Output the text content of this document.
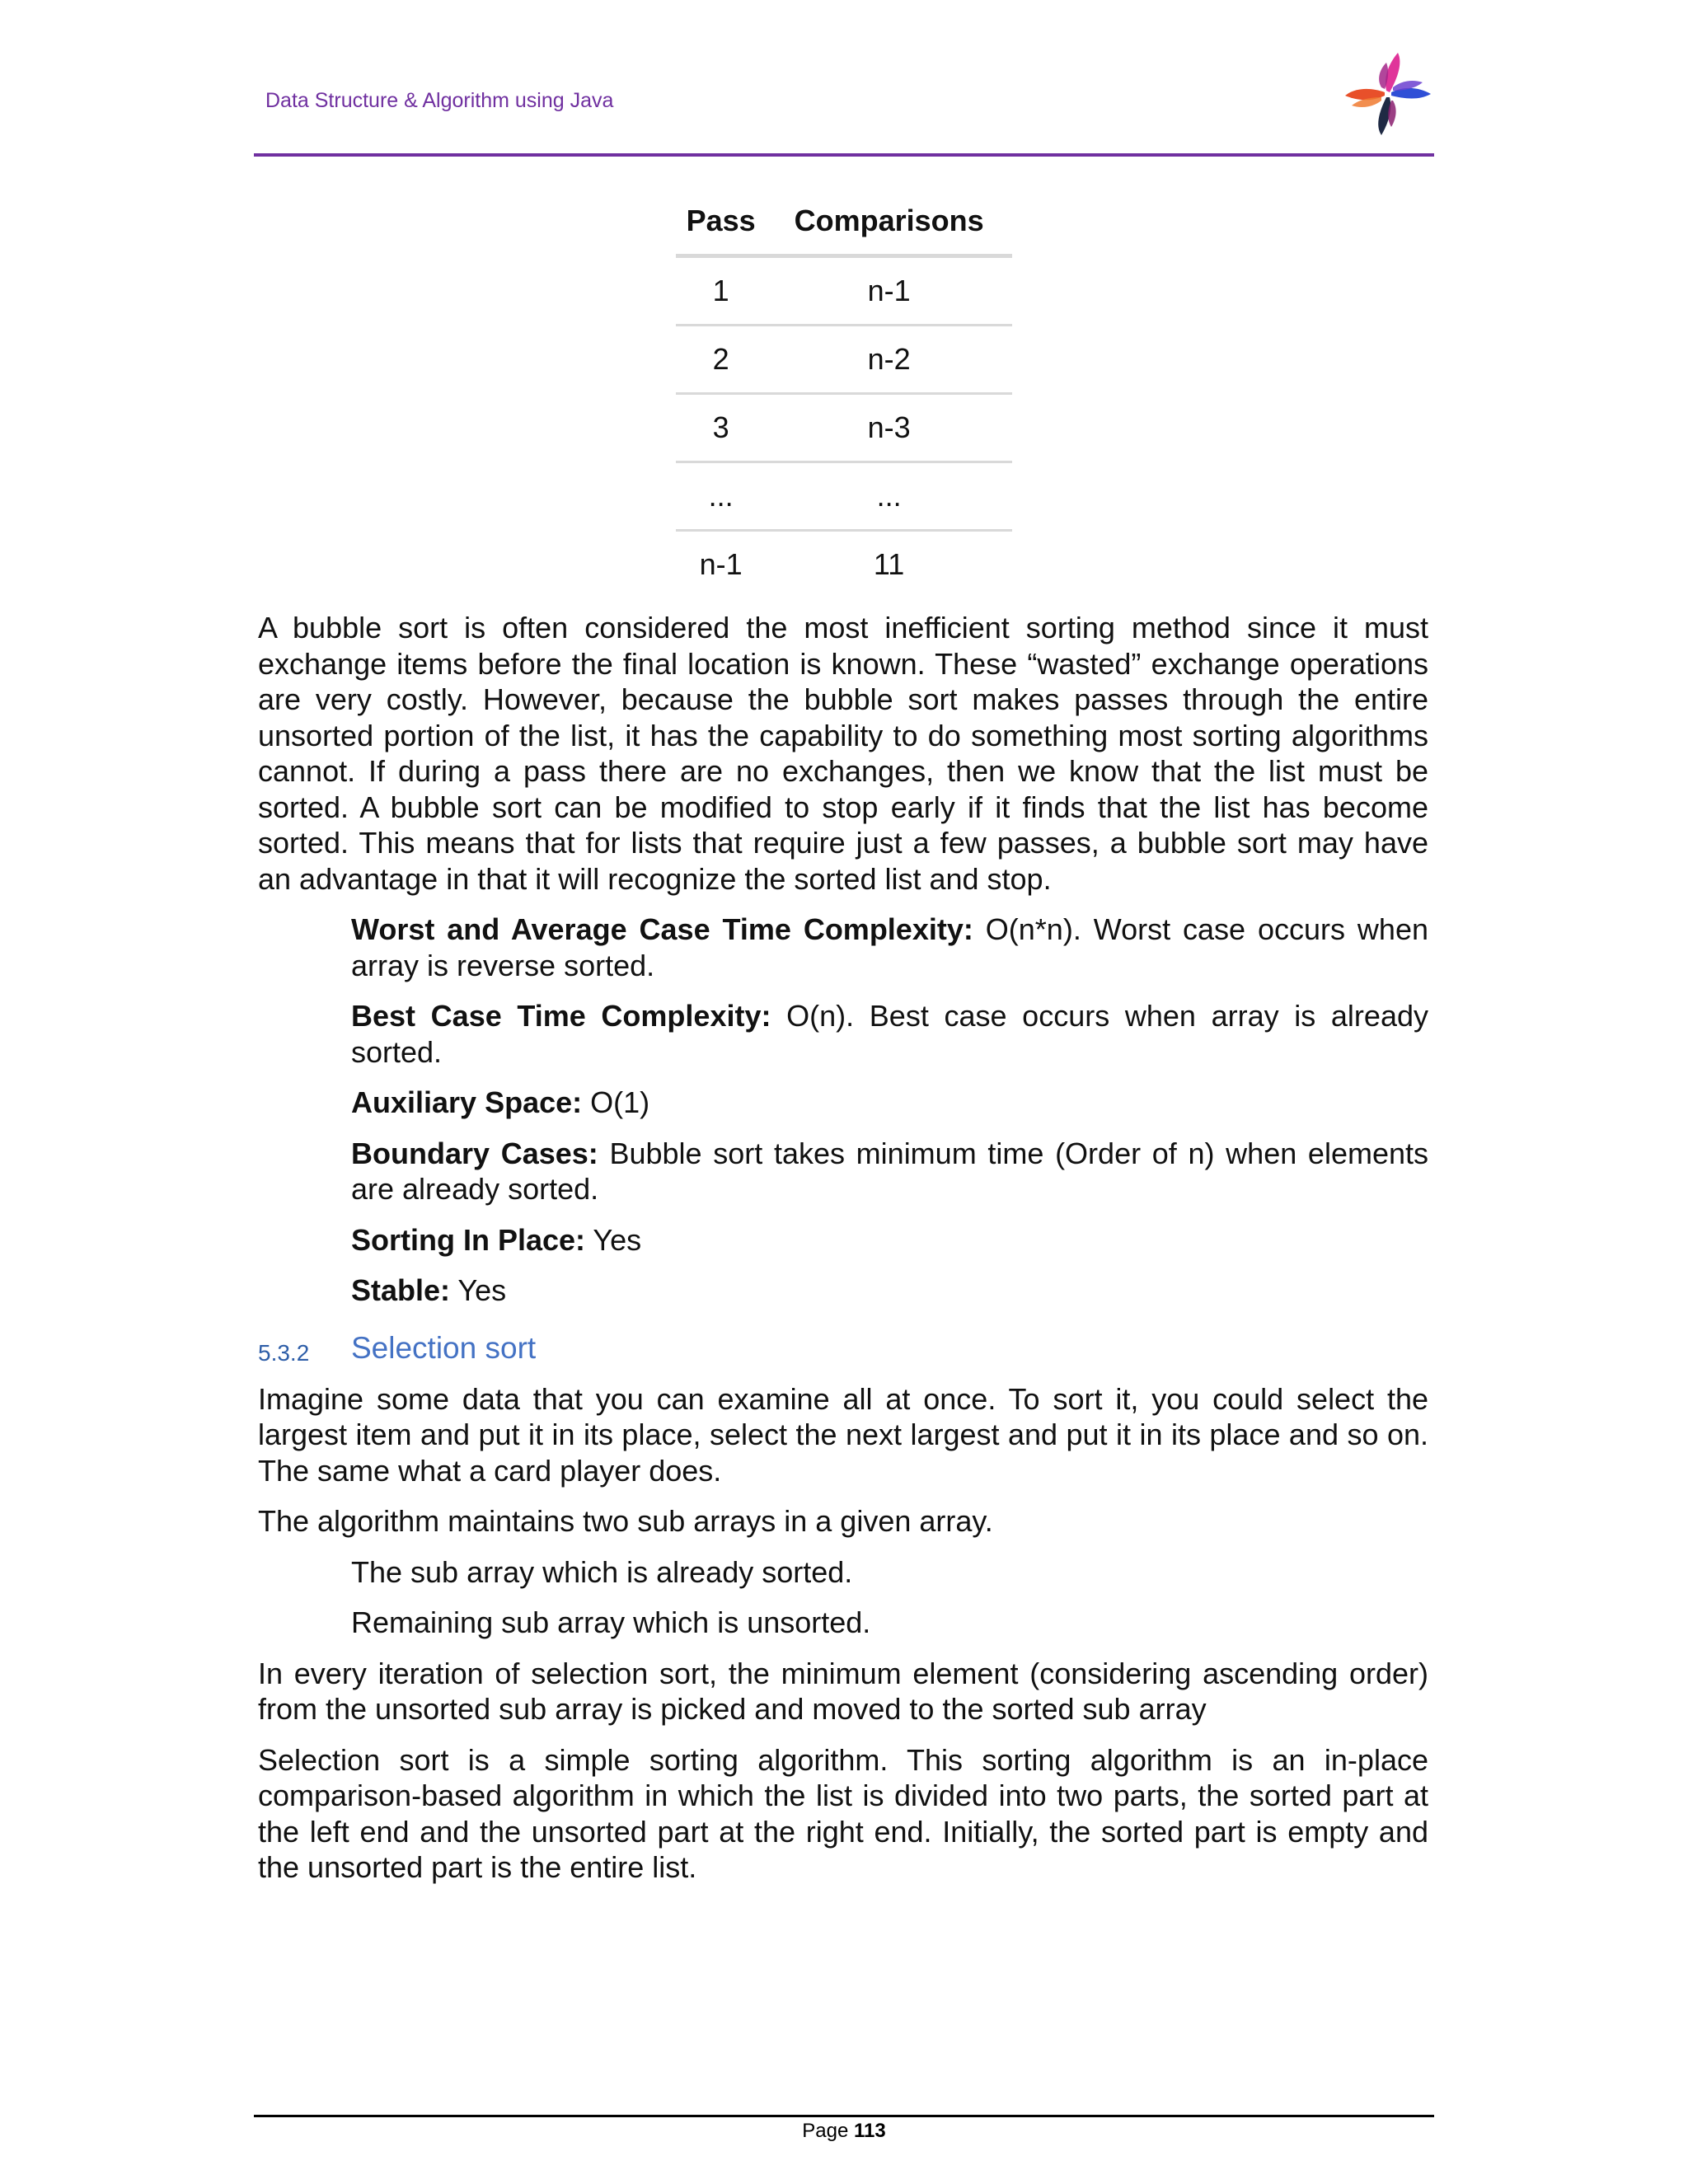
Data Structure & Algorithm using Java
Pass	Comparisons
1	n-1
2	n-2
3	n-3
...	...
n-1	11

A bubble sort is often considered the most inefficient sorting method since it must exchange items before the final location is known. These “wasted” exchange operations are very costly. However, because the bubble sort makes passes through the entire unsorted portion of the list, it has the capability to do something most sorting algorithms cannot. If during a pass there are no exchanges, then we know that the list must be sorted. A bubble sort can be modified to stop early if it finds that the list has become sorted. This means that for lists that require just a few passes, a bubble sort may have an advantage in that it will recognize the sorted list and stop.

Worst and Average Case Time Complexity: O(n*n). Worst case occurs when array is reverse sorted.

Best Case Time Complexity: O(n). Best case occurs when array is already sorted.

Auxiliary Space: O(1)

Boundary Cases: Bubble sort takes minimum time (Order of n) when elements are already sorted.

Sorting In Place: Yes

Stable: Yes

5.3.2 Selection sort

Imagine some data that you can examine all at once. To sort it, you could select the largest item and put it in its place, select the next largest and put it in its place and so on. The same what a card player does.

The algorithm maintains two sub arrays in a given array.

The sub array which is already sorted.

Remaining sub array which is unsorted.

In every iteration of selection sort, the minimum element (considering ascending order) from the unsorted sub array is picked and moved to the sorted sub array

Selection sort is a simple sorting algorithm. This sorting algorithm is an in-place comparison-based algorithm in which the list is divided into two parts, the sorted part at the left end and the unsorted part at the right end. Initially, the sorted part is empty and the unsorted part is the entire list.

Page 113
